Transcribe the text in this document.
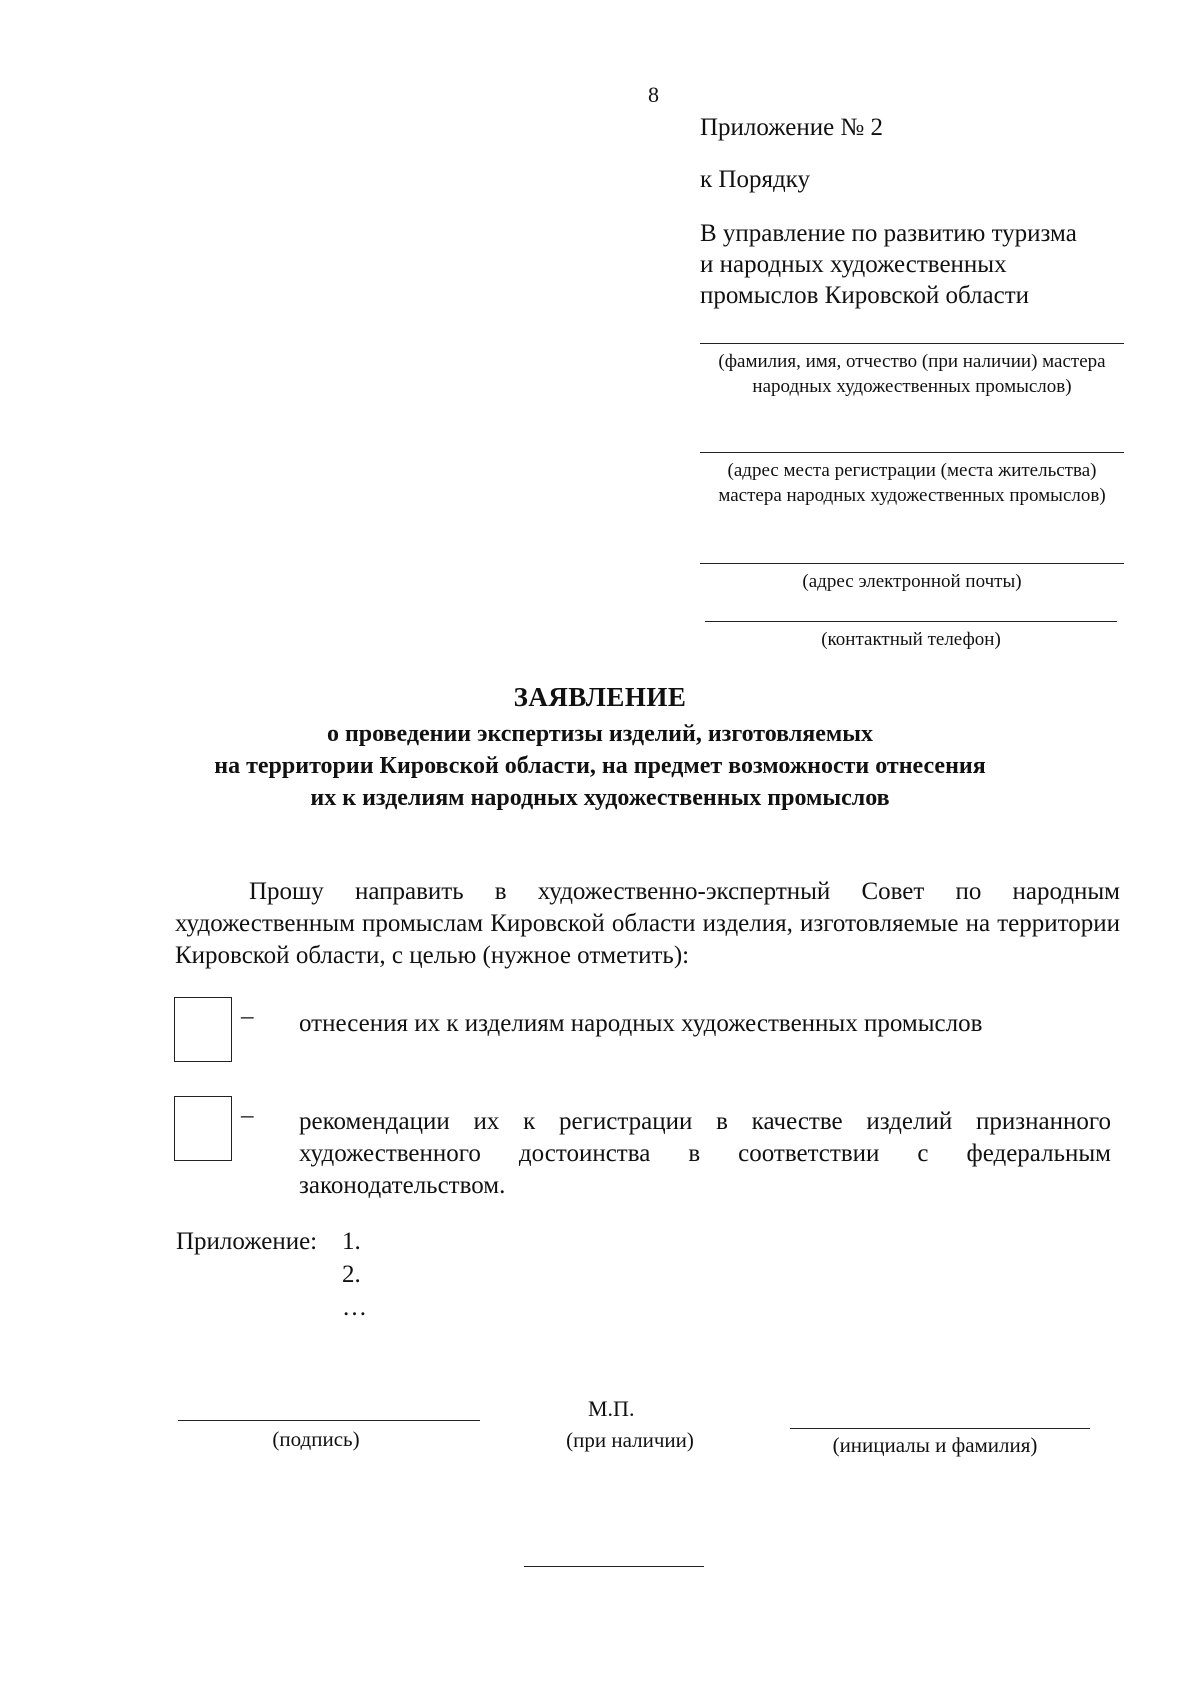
8
Приложение № 2
к Порядку
В управление по развитию туризма
и народных художественных
промыслов Кировской области
(фамилия, имя, отчество (при наличии) мастера народных художественных промыслов)
(адрес места регистрации (места жительства) мастера народных художественных промыслов)
(адрес электронной почты)
(контактный телефон)
ЗАЯВЛЕНИЕ
о проведении экспертизы изделий, изготовляемых
на территории Кировской области, на предмет возможности отнесения
их к изделиям народных художественных промыслов
Прошу направить в художественно-экспертный Совет по народным художественным промыслам Кировской области изделия, изготовляемые на территории Кировской области, с целью (нужное отметить):
– отнесения их к изделиям народных художественных промыслов
– рекомендации их к регистрации в качестве изделий признанного художественного достоинства в соответствии с федеральным законодательством.
Приложение: 1.
2.
…
(подпись)
М.П.
(при наличии)	(инициалы и фамилия)
